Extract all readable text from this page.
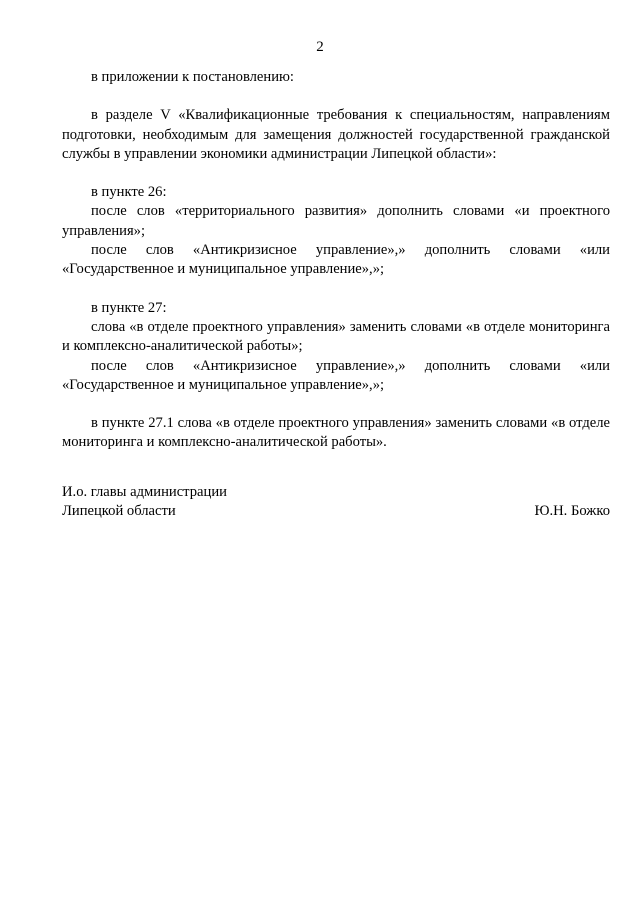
2

в приложении к постановлению:

в разделе V «Квалификационные требования к специальностям, направлениям подготовки, необходимым для замещения должностей государственной гражданской службы в управлении экономики администрации Липецкой области»:

в пункте 26:

после слов «территориального развития» дополнить словами «и проектного управления»;

после слов «Антикризисное управление»,» дополнить словами «или «Государственное и муниципальное управление»,»;

в пункте 27:

слова «в отделе проектного управления» заменить словами «в отделе мониторинга и комплексно-аналитической работы»;

после слов «Антикризисное управление»,» дополнить словами «или «Государственное и муниципальное управление»,»;

в пункте 27.1 слова «в отделе проектного управления» заменить словами «в отделе мониторинга и комплексно-аналитической работы».

И.о. главы администрации
Липецкой области	Ю.Н. Божко
